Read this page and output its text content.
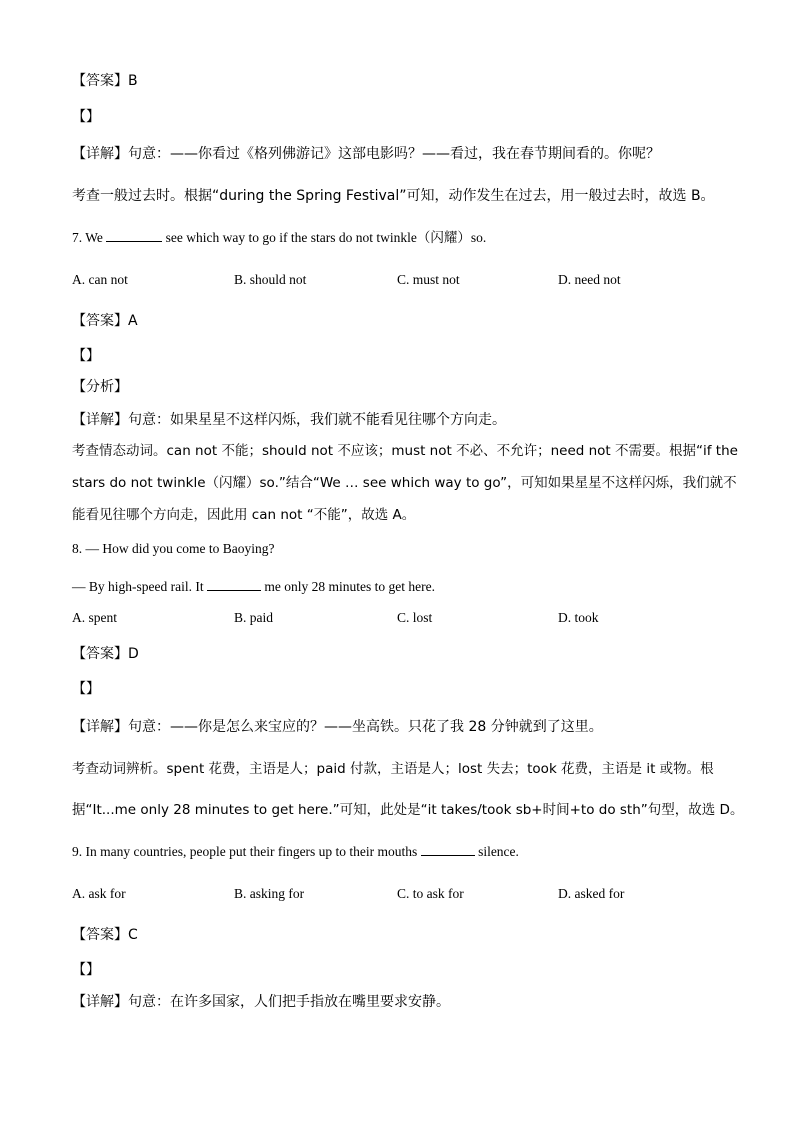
【答案】B
【】
【详解】句意：——你看过《格列佛游记》这部电影吗？——看过，我在春节期间看的。你呢？
考查一般过去时。根据“during the Spring Festival”可知，动作发生在过去，用一般过去时，故选 B。
7. We	see which way to go if the stars do not twinkle（闪耀）so.
A. can not	B. should not	C. must not	D. need not
【答案】A
【】
【分析】
【详解】句意：如果星星不这样闪烁，我们就不能看见往哪个方向走。
考查情态动词。can not 不能；should not 不应该；must not 不必、不允许；need not 不需要。根据“if the
stars do not twinkle（闪耀）so.”结合“We … see which way to go”，可知如果星星不这样闪烁，我们就不
能看见往哪个方向走，因此用 can not “不能”，故选 A。
8. — How did you come to Baoying?
— By high-speed rail. It	me only 28 minutes to get here.
A. spent	B. paid	C. lost	D. took
【答案】D
【】
【详解】句意：——你是怎么来宝应的？——坐高铁。只花了我 28 分钟就到了这里。
考查动词辨析。spent 花费，主语是人；paid 付款，主语是人；lost 失去；took 花费，主语是 it 或物。根
据“It...me only 28 minutes to get here.”可知，此处是“it takes/took sb+时间+to do sth”句型，故选 D。
9. In many countries, people put their fingers up to their mouths	silence.
A. ask for	B. asking for	C. to ask for	D. asked for
【答案】C
【】
【详解】句意：在许多国家，人们把手指放在嘴里要求安静。
